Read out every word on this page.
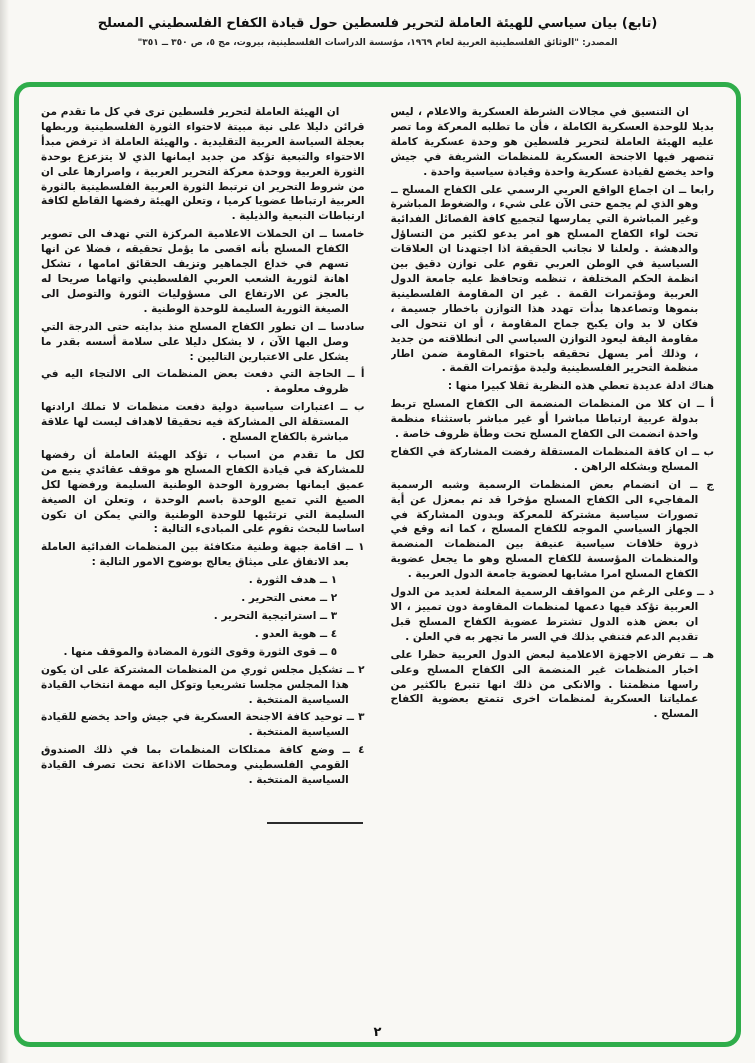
(تابع) بيان سياسي للهيئة العاملة لتحرير فلسطين حول قيادة الكفاح الفلسطيني المسلح
المصدر: "الوثائق الفلسطينية العربية لعام ١٩٦٩، مؤسسة الدراسات الفلسطينية، بيروت، مج ٥، ص ٣٥٠ ــ ٣٥١"

ان التنسيق في مجالات الشرطة العسكرية والاعلام ، ليس بديلا للوحدة العسكرية الكاملة ، فأن ما تطلبه المعركة وما تصر عليه الهيئة العاملة لتحرير فلسطين هو وحدة عسكرية كاملة تنصهر فيها الاجنحة العسكرية للمنظمات الشريفة في جيش واحد يخضع لقيادة عسكرية واحدة وقيادة سياسية واحدة .

رابعا ــ ان اجماع الواقع العربي الرسمي على الكفاح المسلح ــ وهو الذي لم يجمع حتى الآن على شيء ، والضغوط المباشرة وغير المباشرة التي يمارسها لتجميع كافة الفصائل الفدائية تحت لواء الكفاح المسلح هو امر يدعو لكثير من التساؤل والدهشة . ولعلنا لا نجانب الحقيقة اذا اجتهدنا ان العلاقات السياسية في الوطن العربي تقوم على توازن دقيق بين انظمة الحكم المختلفة ، تنظمه وتحافظ عليه جامعة الدول العربية ومؤتمرات القمة . غير ان المقاومة الفلسطينية بنموها وتصاعدها بدأت تهدد هذا التوازن باخطار جسيمة ، فكان لا بد وان يكبح جماح المقاومة ، أو ان تتحول الى مقاومة اليفة ليعود التوازن السياسي الى انطلاقته من جديد ، وذلك أمر يسهل تحقيقه باحتواء المقاومة ضمن اطار منظمة التحرير الفلسطينية وليدة مؤتمرات القمة .

هناك ادلة عديدة تعطي هذه النظرية ثقلا كبيرا منها :

أ ــ ان كلا من المنظمات المنضمة الى الكفاح المسلح تربط بدولة عربية ارتباطا مباشرا أو غير مباشر باستثناء منظمة واحدة انضمت الى الكفاح المسلح تحت وطأة ظروف خاصة .

ب ــ ان كافة المنظمات المستقلة رفضت المشاركة في الكفاح المسلح وبشكله الراهن .

ج ــ ان انضمام بعض المنظمات الرسمية وشبه الرسمية المفاجيء الى الكفاح المسلح مؤخرا قد تم بمعزل عن أية تصورات سياسية مشتركة للمعركة وبدون المشاركة في الجهاز السياسي الموجه للكفاح المسلح ، كما انه وقع في ذروة خلافات سياسية عنيفة بين المنظمات المنضمة والمنظمات المؤسسة للكفاح المسلح وهو ما يجعل عضوية الكفاح المسلح امرا مشابها لعضوية جامعة الدول العربية .

د ــ وعلى الرغم من المواقف الرسمية المعلنة لعديد من الدول العربية تؤكد فيها دعمها لمنظمات المقاومة دون تمييز ، الا ان بعض هذه الدول تشترط عضوية الكفاح المسلح قبل تقديم الدعم فتنفي بذلك في السر ما تجهر به في العلن .

هـ ــ تفرض الاجهزة الاعلامية لبعض الدول العربية حظرا على اخبار المنظمات غير المنضمة الى الكفاح المسلح وعلى راسها منظمتنا . والانكى من ذلك انها تتبرع بالكثير من عملياتنا العسكرية لمنظمات اخرى تتمتع بعضوية الكفاح المسلح .

ان الهيئة العاملة لتحرير فلسطين ترى في كل ما تقدم من قرائن دليلا على نية مبيتة لاحتواء الثورة الفلسطينية وربطها بعجلة السياسة العربية التقليدية . والهيئة العاملة اذ ترفض مبدأ الاحتواء والتبعية تؤكد من جديد ايمانها الذي لا يتزعزع بوحدة الثورة العربية ووحدة معركة التحرير العربية ، واصرارها على ان من شروط التحرير ان ترتبط الثورة العربية الفلسطينية بالثورة العربية ارتباطا عضويا كرميا ، وتعلن الهيئة رفضها القاطع لكافة ارتباطات التبعية والذيلية .

خامسا ــ ان الحملات الاعلامية المركزة التي تهدف الى تصوير الكفاح المسلح بأنه اقصى ما يؤمل تحقيقه ، فضلا عن انها تسهم في خداع الجماهير وتزيف الحقائق امامها ، تشكل اهانة لثورية الشعب العربي الفلسطيني واتهاما صريحا له بالعجز عن الارتفاع الى مسؤوليات الثورة والتوصل الى الصيغة الثورية السليمة للوحدة الوطنية .

سادسا ــ ان تطور الكفاح المسلح منذ بدايته حتى الدرجة التي وصل اليها الآن ، لا يشكل دليلا على سلامة أسسه بقدر ما يشكل على الاعتبارين التاليين :

أ ــ الحاجة التي دفعت بعض المنظمات الى الالتجاء اليه في ظروف معلومة .

ب ــ اعتبارات سياسية دولية دفعت منظمات لا تملك ارادتها المستقلة الى المشاركة فيه تحقيقا لاهداف ليست لها علاقة مباشرة بالكفاح المسلح .

لكل ما تقدم من اسباب ، تؤكد الهيئة العاملة أن رفضها للمشاركة في قيادة الكفاح المسلح هو موقف عقائدي ينبع من عميق ايمانها بضرورة الوحدة الوطنية السليمة ورفضها لكل الصيغ التي تميع الوحدة باسم الوحدة ، وتعلن ان الصيغة السليمة التي ترتئيها للوحدة الوطنية والتي يمكن ان تكون اساسا للبحث تقوم على المبادىء التالية :

١ ــ اقامة جبهة وطنية متكافئة بين المنظمات الفدائية العاملة بعد الاتفاق على ميثاق يعالج بوضوح الامور التالية :

١ ــ هدف الثورة .

٢ ــ معنى التحرير .

٣ ــ استراتيجية التحرير .

٤ ــ هوية العدو .

٥ ــ قوى الثورة وقوى الثورة المضادة والموقف منها .

٢ ــ تشكيل مجلس ثوري من المنظمات المشتركة على ان يكون هذا المجلس مجلسا تشريعيا وتوكل اليه مهمة انتخاب القيادة السياسية المنتخبة .

٣ ــ توحيد كافة الاجنحة العسكرية في جيش واحد يخضع للقيادة السياسية المنتخبة .

٤ ــ وضع كافة ممتلكات المنظمات بما في ذلك الصندوق القومي الفلسطيني ومحطات الاذاعة تحت تصرف القيادة السياسية المنتخبة .

٢
